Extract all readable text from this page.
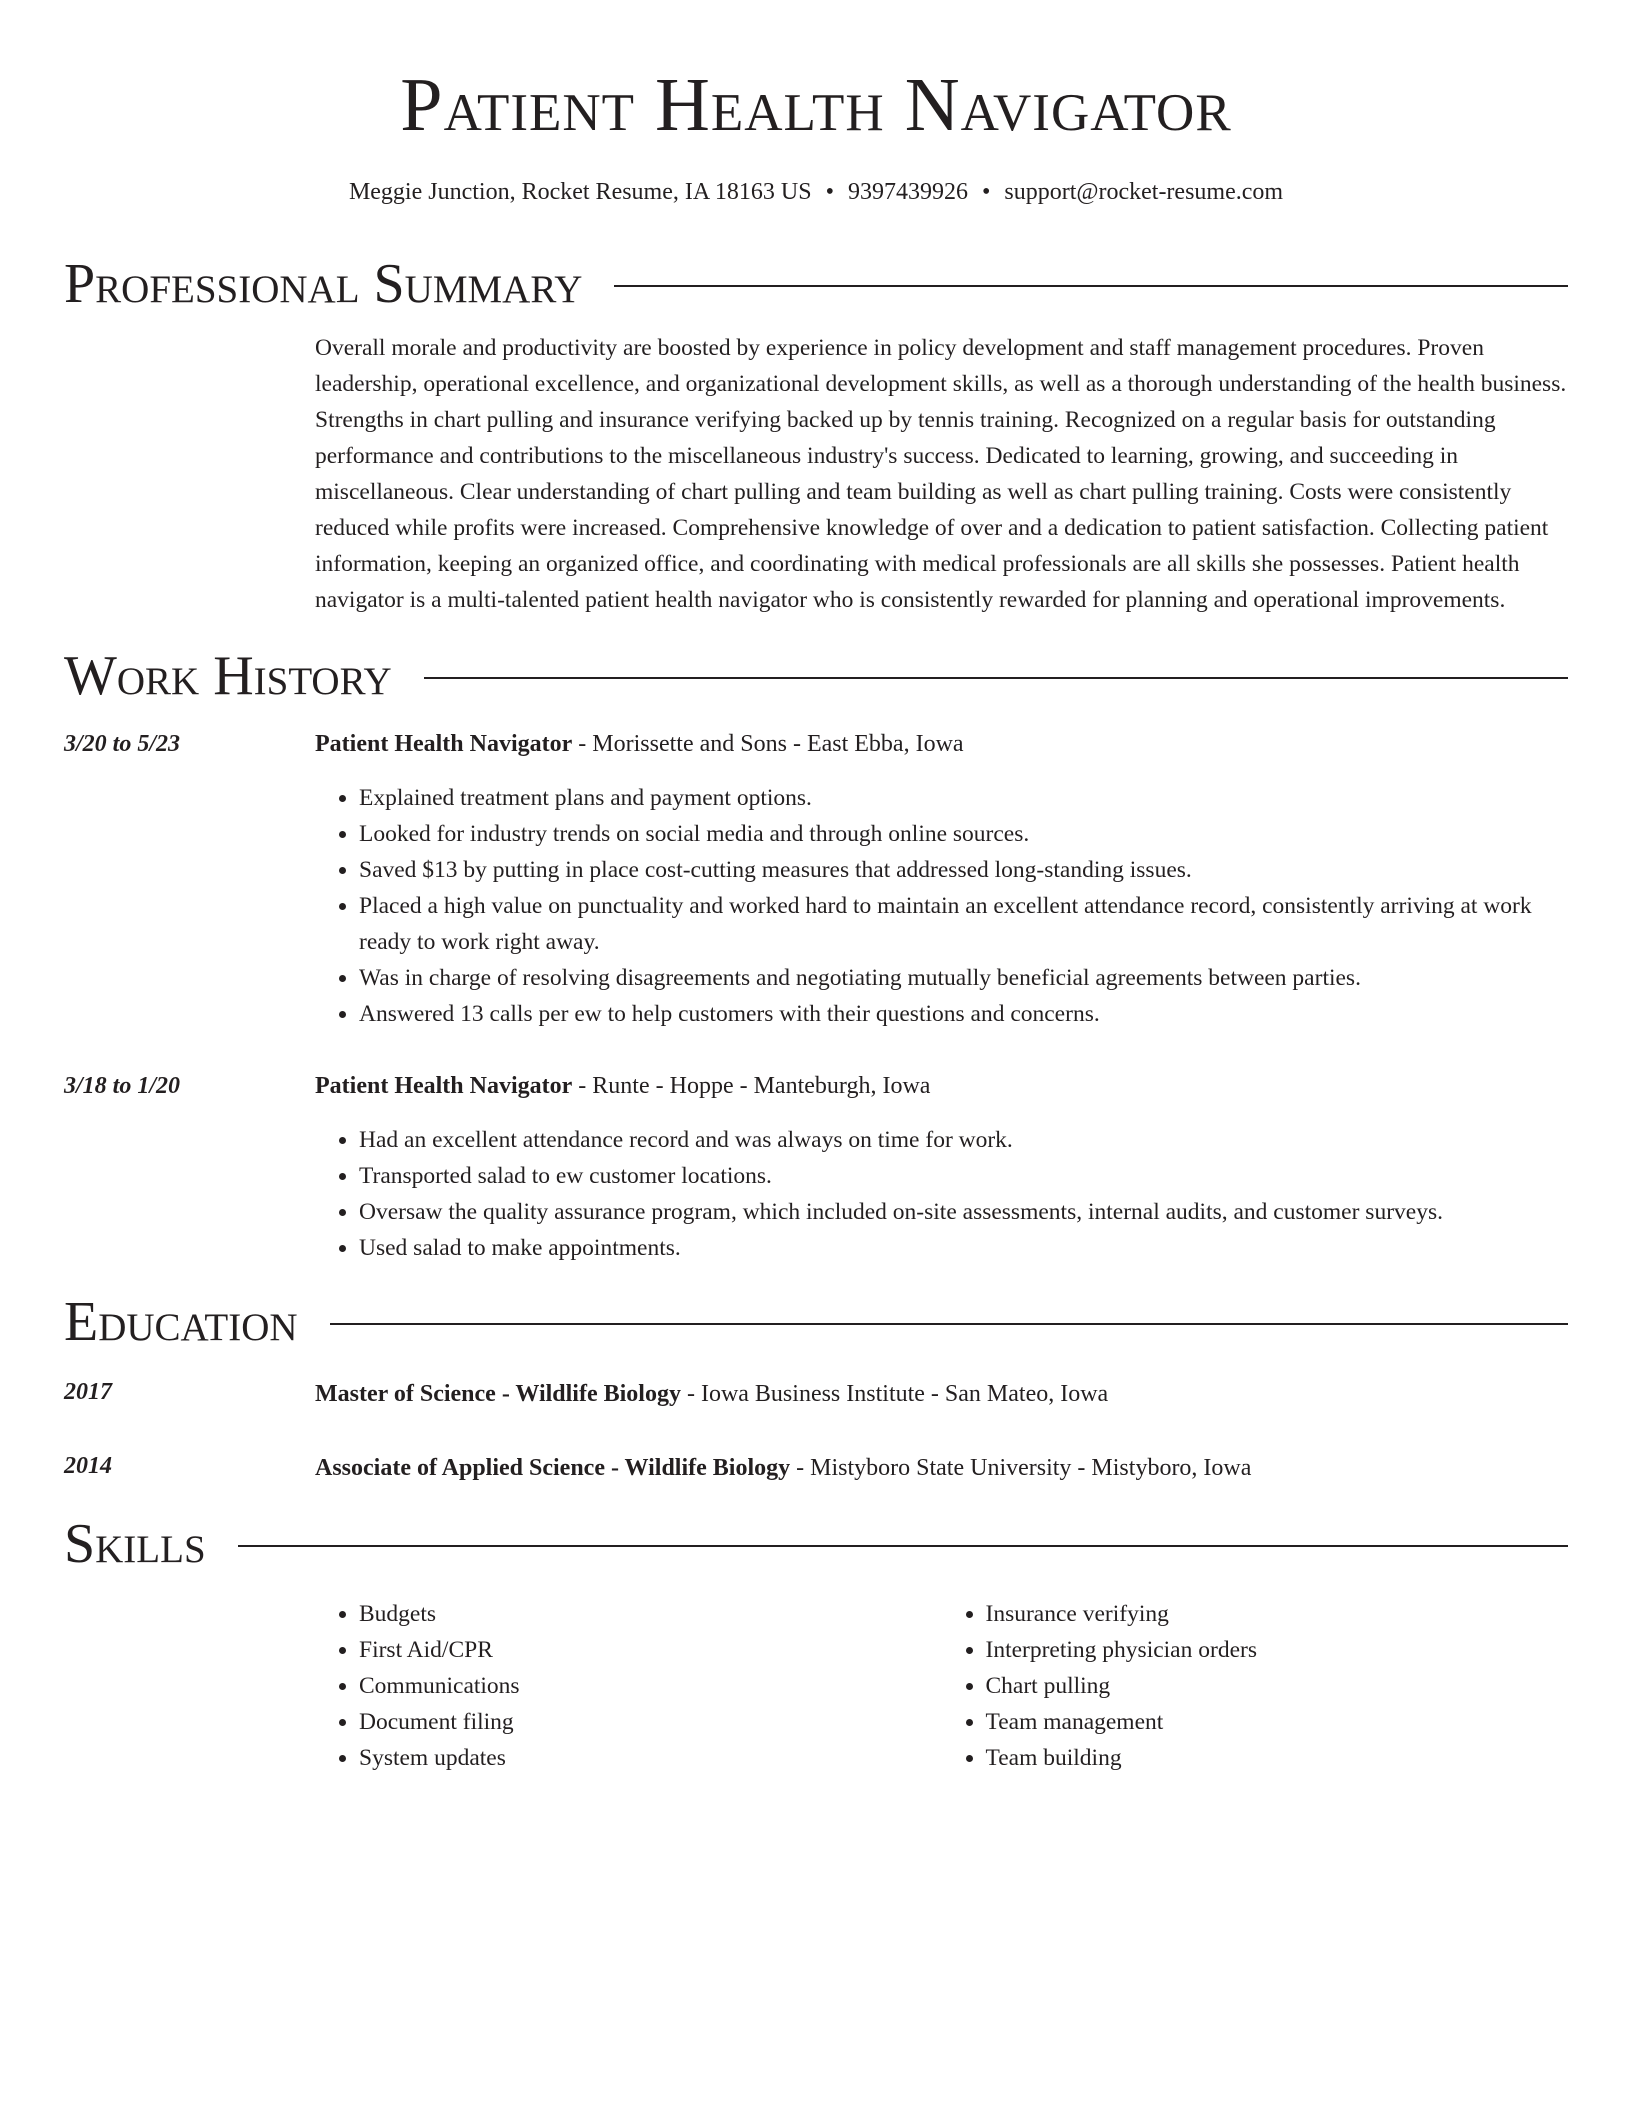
Patient Health Navigator
Meggie Junction, Rocket Resume, IA 18163 US • 9397439926 • support@rocket-resume.com
Professional Summary
Overall morale and productivity are boosted by experience in policy development and staff management procedures. Proven leadership, operational excellence, and organizational development skills, as well as a thorough understanding of the health business. Strengths in chart pulling and insurance verifying backed up by tennis training. Recognized on a regular basis for outstanding performance and contributions to the miscellaneous industry's success. Dedicated to learning, growing, and succeeding in miscellaneous. Clear understanding of chart pulling and team building as well as chart pulling training. Costs were consistently reduced while profits were increased. Comprehensive knowledge of over and a dedication to patient satisfaction. Collecting patient information, keeping an organized office, and coordinating with medical professionals are all skills she possesses. Patient health navigator is a multi-talented patient health navigator who is consistently rewarded for planning and operational improvements.
Work History
3/20 to 5/23	Patient Health Navigator - Morissette and Sons - East Ebba, Iowa
• Explained treatment plans and payment options.
• Looked for industry trends on social media and through online sources.
• Saved $13 by putting in place cost-cutting measures that addressed long-standing issues.
• Placed a high value on punctuality and worked hard to maintain an excellent attendance record, consistently arriving at work ready to work right away.
• Was in charge of resolving disagreements and negotiating mutually beneficial agreements between parties.
• Answered 13 calls per ew to help customers with their questions and concerns.
3/18 to 1/20	Patient Health Navigator - Runte - Hoppe - Manteburgh, Iowa
• Had an excellent attendance record and was always on time for work.
• Transported salad to ew customer locations.
• Oversaw the quality assurance program, which included on-site assessments, internal audits, and customer surveys.
• Used salad to make appointments.
Education
2017	Master of Science - Wildlife Biology - Iowa Business Institute - San Mateo, Iowa
2014	Associate of Applied Science - Wildlife Biology - Mistyboro State University - Mistyboro, Iowa
Skills
• Budgets
• First Aid/CPR
• Communications
• Document filing
• System updates
• Insurance verifying
• Interpreting physician orders
• Chart pulling
• Team management
• Team building
